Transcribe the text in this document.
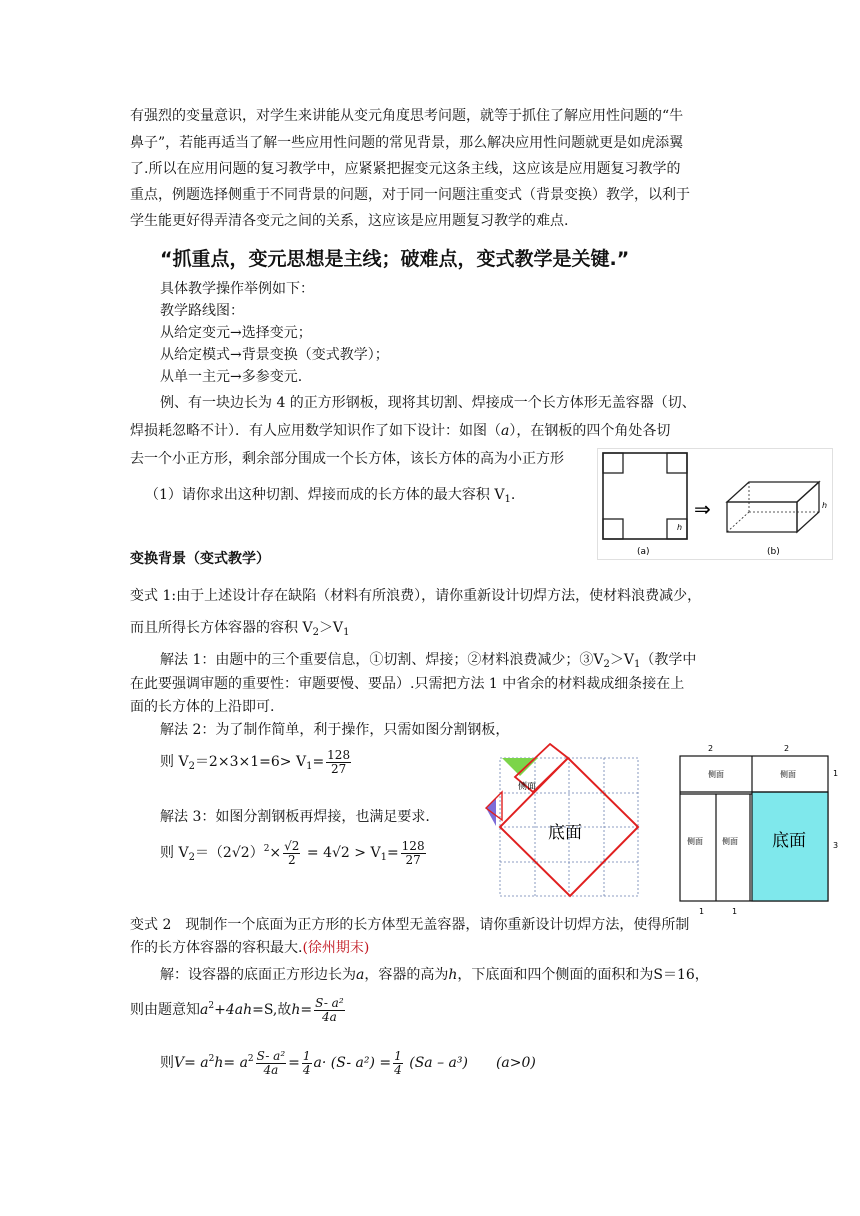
有强烈的变量意识，对学生来讲能从变元角度思考问题，就等于抓住了解应用性问题的“牛
鼻子”，若能再适当了解一些应用性问题的常见背景，那么解决应用性问题就更是如虎添翼
了.所以在应用问题的复习教学中，应紧紧把握变元这条主线，这应该是应用题复习教学的
重点，例题选择侧重于不同背景的问题，对于同一问题注重变式（背景变换）教学，以利于
学生能更好得弄清各变元之间的关系，这应该是应用题复习教学的难点.
“抓重点，变元思想是主线；破难点，变式教学是关键.”
具体教学操作举例如下：
教学路线图：
从给定变元→选择变元；
从给定模式→背景变换（变式教学）；
从单一主元→多参变元.
例、有一块边长为 4 的正方形钢板，现将其切割、焊接成一个长方体形无盖容器（切、
焊损耗忽略不计）．有人应用数学知识作了如下设计：如图（a），在钢板的四个角处各切
去一个小正方形，剩余部分围成一个长方体，该长方体的高为小正方形
（1）请你求出这种切割、焊接而成的长方体的最大容积 $V_1$.
h
(a)
⇒	h
(b)
变换背景（变式教学）
变式 1:由于上述设计存在缺陷（材料有所浪费），请你重新设计切焊方法，使材料浪费减少，
而且所得长方体容器的容积 $V_2>V_1$
解法 1：由题中的三个重要信息，①切割、焊接；②材料浪费减少；$③V_2>V_1$（教学中
在此要强调审题的重要性：审题要慢、要品）.只需把方法 1 中省余的材料裁成细条接在上
面的长方体的上沿即可.
解法 2：为了制作简单，利于操作，只需如图分割钢板，
则 $V_2=2\times 3\times 1=6> V_1= \frac{128}{27}$
解法 3：如图分割钢板再焊接，也满足要求.
则 $V_2=(2√2)^2\times \frac{√2}{2} = 4√2 > V_1= \frac{128}{27}$
侧面
底面
2	2
侧面	侧面
侧面 侧面 底面
1
3
1	1
变式 2　现制作一个底面为正方形的长方体型无盖容器，请你重新设计切焊方法，使得所制
作的长方体容器的容积最大.(徐州期末)
解：设容器的底面正方形边长为a，容器的高为h，下底面和四个侧面的面积和为S＝16，
则由题意知$a^2+4ah=S$,故$h= \frac{\text{S- a²}}{4a}$
则$V= a^2h= a^2 \frac{\text{S- a²}}{4a} = \frac{1}{4} a\cdot (S-$ $a^2) = \frac{1}{4} (Sa - a^3)$ (a>0)
